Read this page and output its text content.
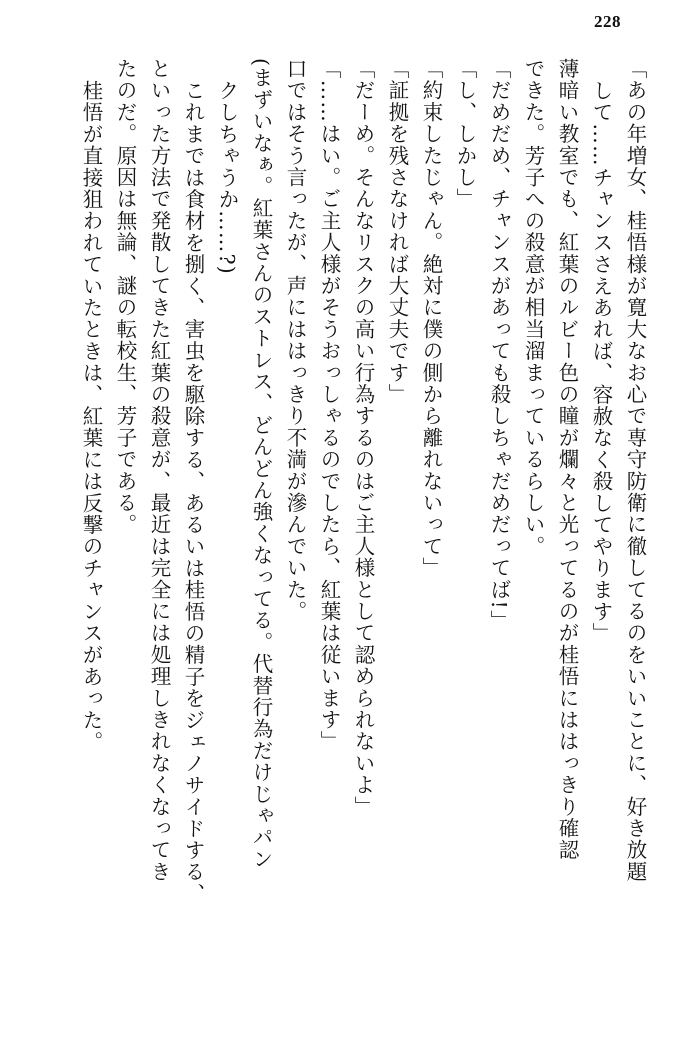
228
「あの年増女、桂悟様が寛大なお心で専守防衛に徹してるのをいいことに、好き放題
して……チャンスさえあれば、容赦なく殺してやります」
薄暗い教室でも、紅葉のルビー色の瞳が爛々と光ってるのが桂悟にははっきり確認
できた。芳子への殺意が相当溜まっているらしい。
「だめだめ、チャンスがあっても殺しちゃだめだってば!」
「し、しかし」
「約束したじゃん。絶対に僕の側から離れないって」
「証拠を残さなければ大丈夫です」
「だーめ。そんなリスクの高い行為するのはご主人様として認められないよ」
「……はい。ご主人様がそうおっしゃるのでしたら、紅葉は従います」
口ではそう言ったが、声にははっきり不満が滲んでいた。
(まずいなぁ。紅葉さんのストレス、どんどん強くなってる。代替行為だけじゃパン
クしちゃうか……?)
これまでは食材を捌く、害虫を駆除する、あるいは桂悟の精子をジェノサイドする、
といった方法で発散してきた紅葉の殺意が、最近は完全には処理しきれなくなってき
たのだ。原因は無論、謎の転校生、芳子である。
桂悟が直接狙われていたときは、紅葉には反撃のチャンスがあった。
